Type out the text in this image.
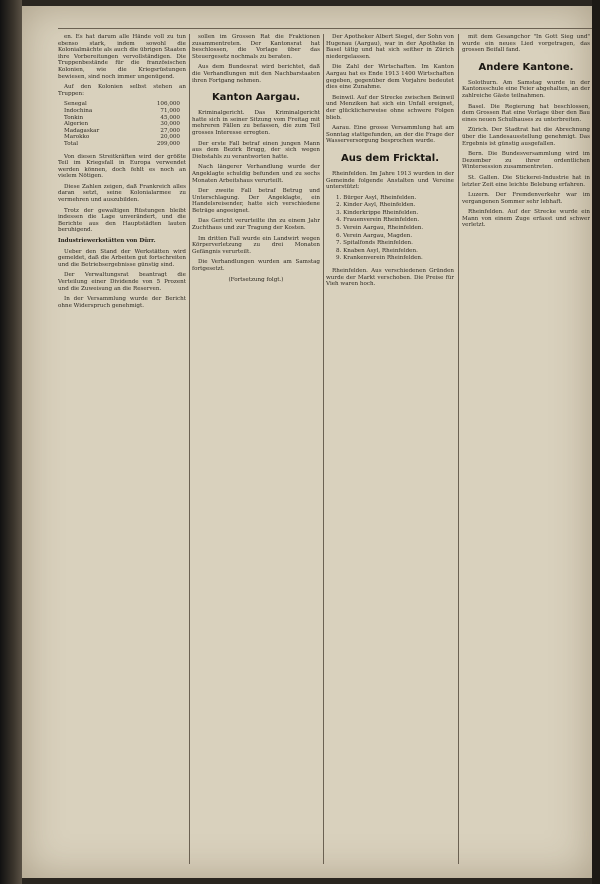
en. Es hat darum alle Hände voll zu tun ebenso stark, indem sowohl die Kolonialmächte als auch die übrigen Staaten ihre Vorbereitungen vervollständigen. Die Truppenbestände für die französischen Kolonien, wie die Kriegsrüstungen bewiesen, sind noch immer ungenügend.

Auf den Kolonien selbst stehen an Truppen:

Senegal	106,000
Indochina	71,000
Tonkin	45,000
Algerien	30,000
Madagaskar	27,000
Marokko	20,000
Total	299,000

Von diesen Streitkräften wird der größte Teil im Kriegsfall in Europa verwendet werden können, doch fehlt es noch an vielem Nötigen.

Diese Zahlen zeigen, daß Frankreich alles daran setzt, seine Kolonialarmee zu vermehren und auszubilden.

Trotz der gewaltigen Rüstungen bleibt indessen die Lage unverändert, und die Berichte aus den Hauptstädten lauten beruhigend.

Industriewerkstätten von Dürr.

Ueber den Stand der Werkstätten wird gemeldet, daß die Arbeiten gut fortschreiten und die Betriebsergebnisse günstig sind.

Der Verwaltungsrat beantragt die Verteilung einer Dividende von 5 Prozent und die Zuweisung an die Reserven.

In der Versammlung wurde der Bericht ohne Widerspruch genehmigt.

sollen im Grossen Rat die Fraktionen zusammentreten. Der Kantonsrat hat beschlossen, die Vorlage über das Steuergesetz nochmals zu beraten.

Aus dem Bundesrat wird berichtet, daß die Verhandlungen mit den Nachbarstaaten ihren Fortgang nehmen.

Kanton Aargau.

Kriminalgericht. Das Kriminalgericht hatte sich in seiner Sitzung vom Freitag mit mehreren Fällen zu befassen, die zum Teil grosses Interesse erregten.

Der erste Fall betraf einen jungen Mann aus dem Bezirk Brugg, der sich wegen Diebstahls zu verantworten hatte.

Nach längerer Verhandlung wurde der Angeklagte schuldig befunden und zu sechs Monaten Arbeitshaus verurteilt.

Der zweite Fall betraf Betrug und Unterschlagung. Der Angeklagte, ein Handelsreisender, hatte sich verschiedene Beträge angeeignet.

Das Gericht verurteilte ihn zu einem Jahr Zuchthaus und zur Tragung der Kosten.

Im dritten Fall wurde ein Landwirt wegen Körperverletzung zu drei Monaten Gefängnis verurteilt.

Die Verhandlungen wurden am Samstag fortgesetzt.

(Fortsetzung folgt.)

Der Apotheker Albert Siegel, der Sohn von Hugenau (Aargau), war in der Apotheke in Basel tätig und hat sich seither in Zürich niedergelassen.

Die Zahl der Wirtschaften. Im Kanton Aargau hat es Ende 1913 1400 Wirtschaften gegeben, gegenüber dem Vorjahre bedeutet dies eine Zunahme.

Beinwil. Auf der Strecke zwischen Beinwil und Menziken hat sich ein Unfall ereignet, der glücklicherweise ohne schwere Folgen blieb.

Aarau. Eine grosse Versammlung hat am Sonntag stattgefunden, an der die Frage der Wasserversorgung besprochen wurde.

Aus dem Fricktal.

Rheinfelden. Im Jahre 1913 wurden in der Gemeinde folgende Anstalten und Vereine unterstützt:

1. Bürger Asyl, Rheinfelden.
2. Kinder Asyl, Rheinfelden.
3. Kinderkrippe Rheinfelden.
4. Frauenverein Rheinfelden.
5. Verein Aargau, Rheinfelden.
6. Verein Aargau, Magden.
7. Spitalfonds Rheinfelden.
8. Knaben Asyl, Rheinfelden.
9. Krankenverein Rheinfelden.

Rheinfelden. Aus verschiedenen Gründen wurde der Markt verschoben. Die Preise für Vieh waren hoch.

mit dem Gesangchor "In Gott Sieg und" wurde ein neues Lied vorgetragen, das grossen Beifall fand.

Andere Kantone.

Solothurn. Am Samstag wurde in der Kantonsschule eine Feier abgehalten, an der zahlreiche Gäste teilnahmen.

Basel. Die Regierung hat beschlossen, dem Grossen Rat eine Vorlage über den Bau eines neuen Schulhauses zu unterbreiten.

Zürich. Der Stadtrat hat die Abrechnung über die Landesausstellung genehmigt. Das Ergebnis ist günstig ausgefallen.

Bern. Die Bundesversammlung wird im Dezember zu ihrer ordentlichen Wintersession zusammentreten.

St. Gallen. Die Stickerei-Industrie hat in letzter Zeit eine leichte Belebung erfahren.

Luzern. Der Fremdenverkehr war im vergangenen Sommer sehr lebhaft.

Rheinfelden. Auf der Strecke wurde ein Mann von einem Zuge erfasst und schwer verletzt.
